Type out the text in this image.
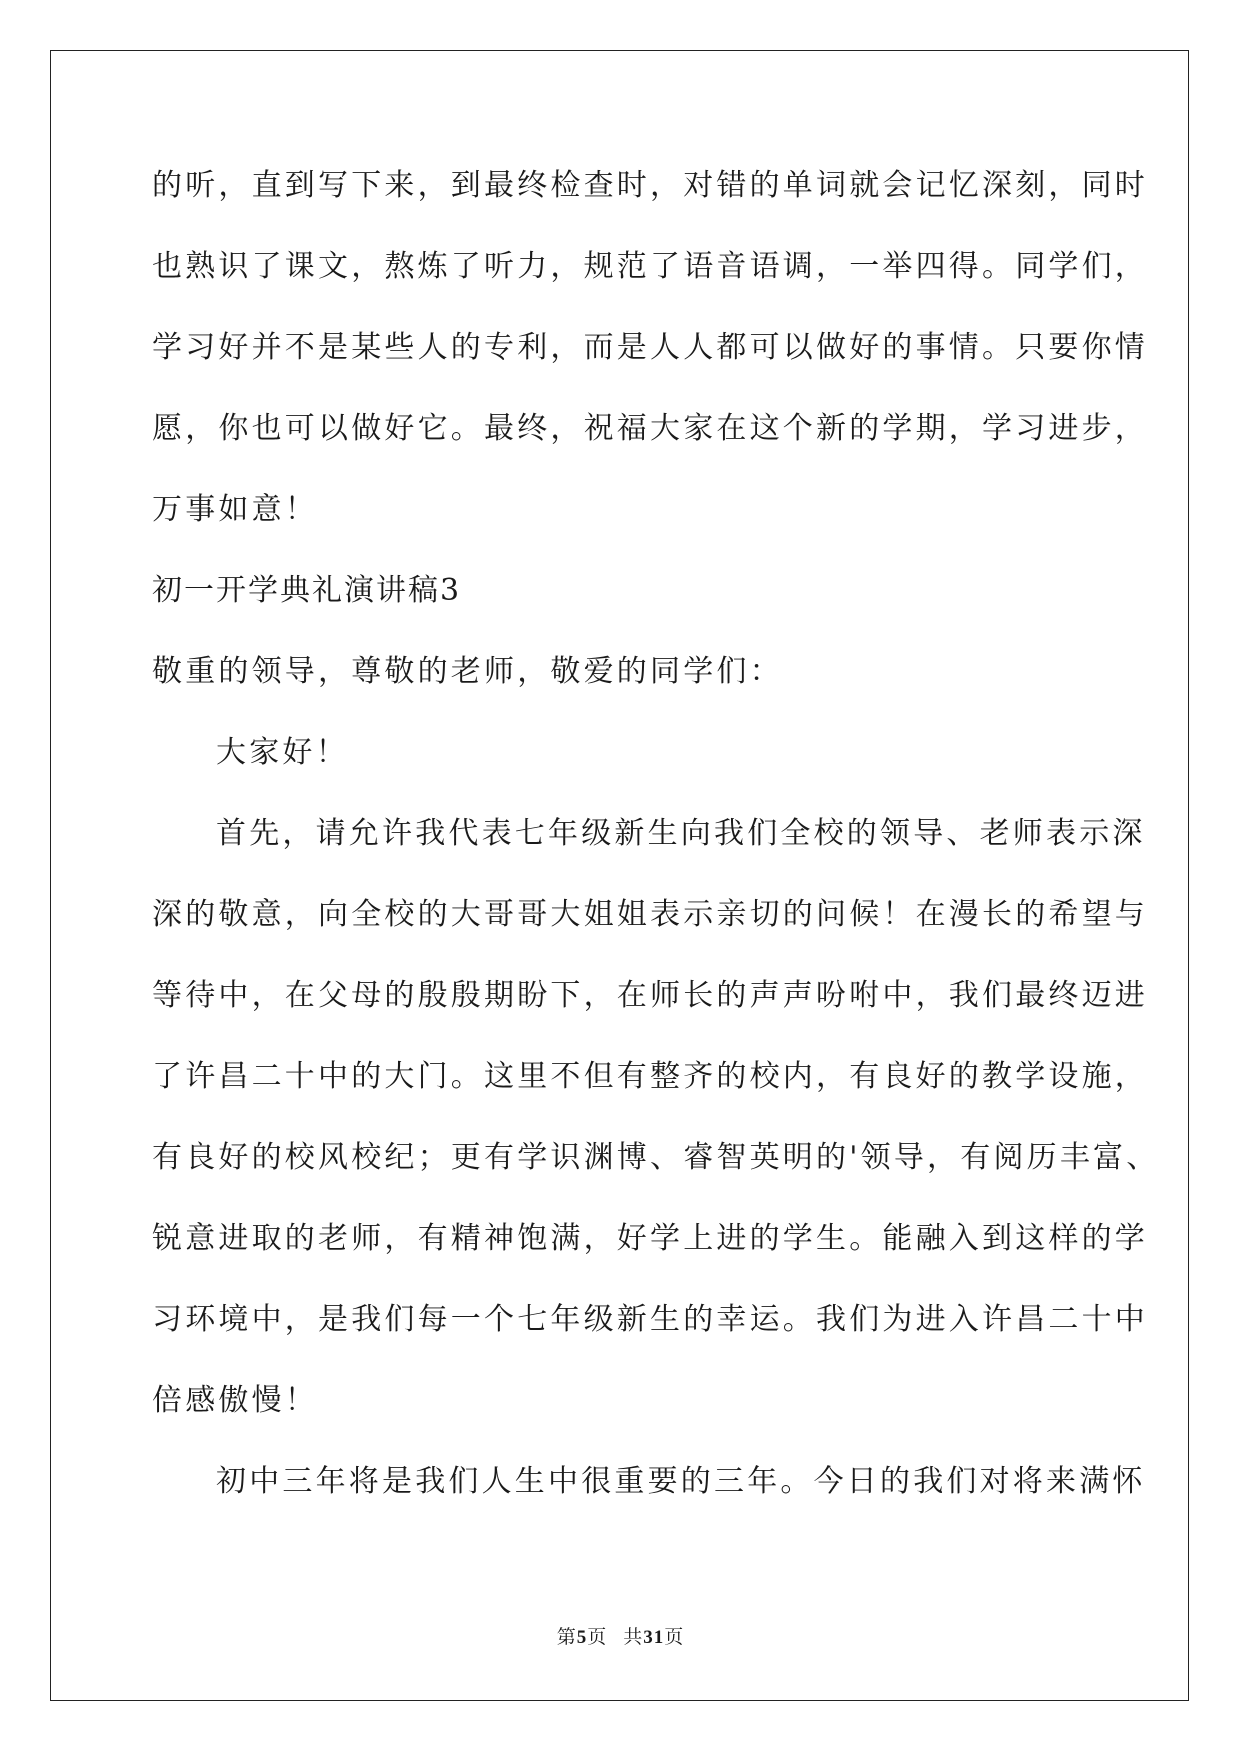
的听，直到写下来，到最终检查时，对错的单词就会记忆深刻，同时
也熟识了课文，熬炼了听力，规范了语音语调，一举四得。同学们，
学习好并不是某些人的专利，而是人人都可以做好的事情。只要你情
愿，你也可以做好它。最终，祝福大家在这个新的学期，学习进步，
万事如意！
初一开学典礼演讲稿3
敬重的领导，尊敬的老师，敬爱的同学们：
大家好！
首先，请允许我代表七年级新生向我们全校的领导、老师表示深
深的敬意，向全校的大哥哥大姐姐表示亲切的问候！在漫长的希望与
等待中，在父母的殷殷期盼下，在师长的声声吩咐中，我们最终迈进
了许昌二十中的大门。这里不但有整齐的校内，有良好的教学设施，
有良好的校风校纪；更有学识渊博、睿智英明的'领导，有阅历丰富、
锐意进取的老师，有精神饱满，好学上进的学生。能融入到这样的学
习环境中，是我们每一个七年级新生的幸运。我们为进入许昌二十中
倍感傲慢！
初中三年将是我们人生中很重要的三年。今日的我们对将来满怀
第5页 共31页
